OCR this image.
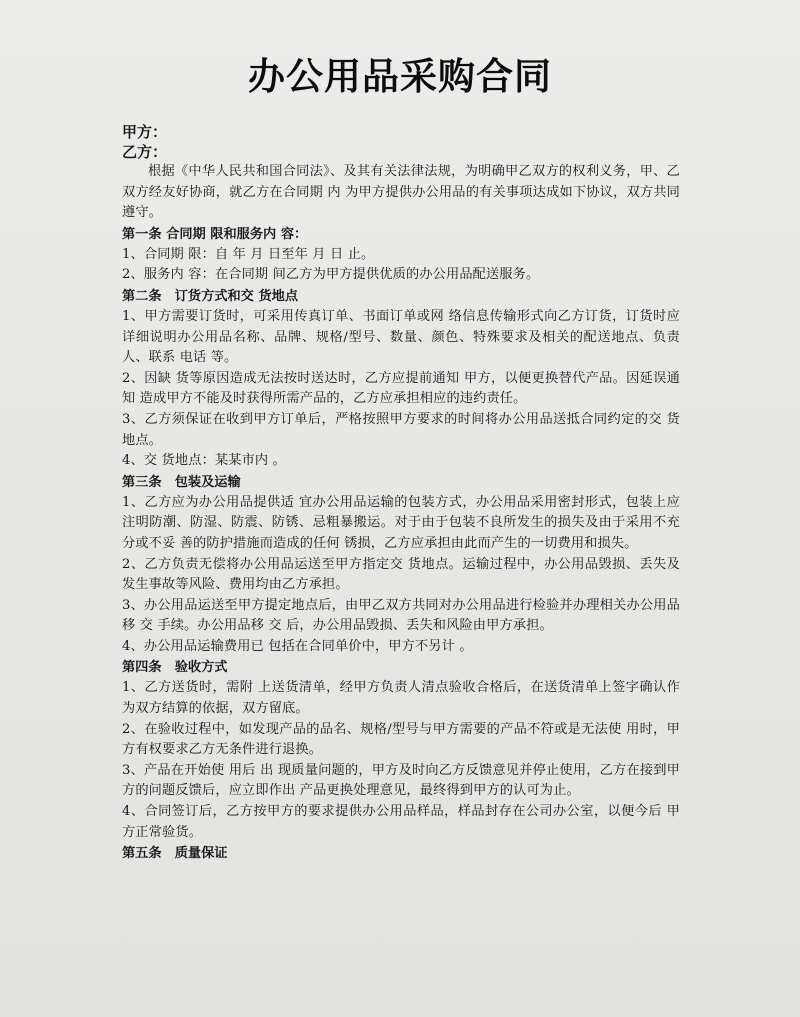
办公用品采购合同

甲方：

乙方：

根据《中华人民共和国合同法》、及其有关法律法规，为明确甲乙双方的权利义务，甲、乙双方经友好协商，就乙方在合同期 内 为甲方提供办公用品的有关事项达成如下协议，双方共同遵守。

第一条 合同期 限和服务内 容：

1、合同期 限：自 年 月 日至年 月 日 止。

2、服务内 容：在合同期 间乙方为甲方提供优质的办公用品配送服务。

第二条　订货方式和交 货地点

1、甲方需要订货时，可采用传真订单、书面订单或网 络信息传输形式向乙方订货，订货时应详细说明办公用品名称、品牌、规格/型号、数量、颜色、特殊要求及相关的配送地点、负责人、联系 电话 等。

2、因缺 货等原因造成无法按时送达时，乙方应提前通知 甲方，以便更换替代产品。因延误通知 造成甲方不能及时获得所需产品的，乙方应承担相应的违约责任。

3、乙方须保证在收到甲方订单后，严格按照甲方要求的时间将办公用品送抵合同约定的交 货地点。

4、交 货地点：某某市内 。

第三条　包装及运输

1、乙方应为办公用品提供适 宜办公用品运输的包装方式，办公用品采用密封形式，包装上应注明防潮、防湿、防震、防锈、忌粗暴搬运。对于由于包装不良所发生的损失及由于采用不充分或不妥 善的防护措施而造成的任何 锈损，乙方应承担由此而产生的一切费用和损失。

2、乙方负责无偿将办公用品运送至甲方指定交 货地点。运输过程中，办公用品毁损、丢失及发生事故等风险、费用均由乙方承担。

3、办公用品运送至甲方提定地点后，由甲乙双方共同对办公用品进行检验并办理相关办公用品移 交 手续。办公用品移 交 后，办公用品毁损、丢失和风险由甲方承担。

4、办公用品运输费用已 包括在合同单价中，甲方不另计 。

第四条　验收方式

1、乙方送货时，需附 上送货清单，经甲方负责人清点验收合格后，在送货清单上签字确认作为双方结算的依据，双方留底。

2、在验收过程中，如发现产品的品名、规格/型号与甲方需要的产品不符或是无法使 用时，甲方有权要求乙方无条件进行退换。

3、产品在开始使 用后 出 现质量问题的，甲方及时向乙方反馈意见并停止使用，乙方在接到甲方的问题反馈后，应立即作出 产品更换处理意见，最终得到甲方的认可为止。

4、合同签订后，乙方按甲方的要求提供办公用品样品，样品封存在公司办公室，以便今后 甲方正常验货。

第五条　质量保证
